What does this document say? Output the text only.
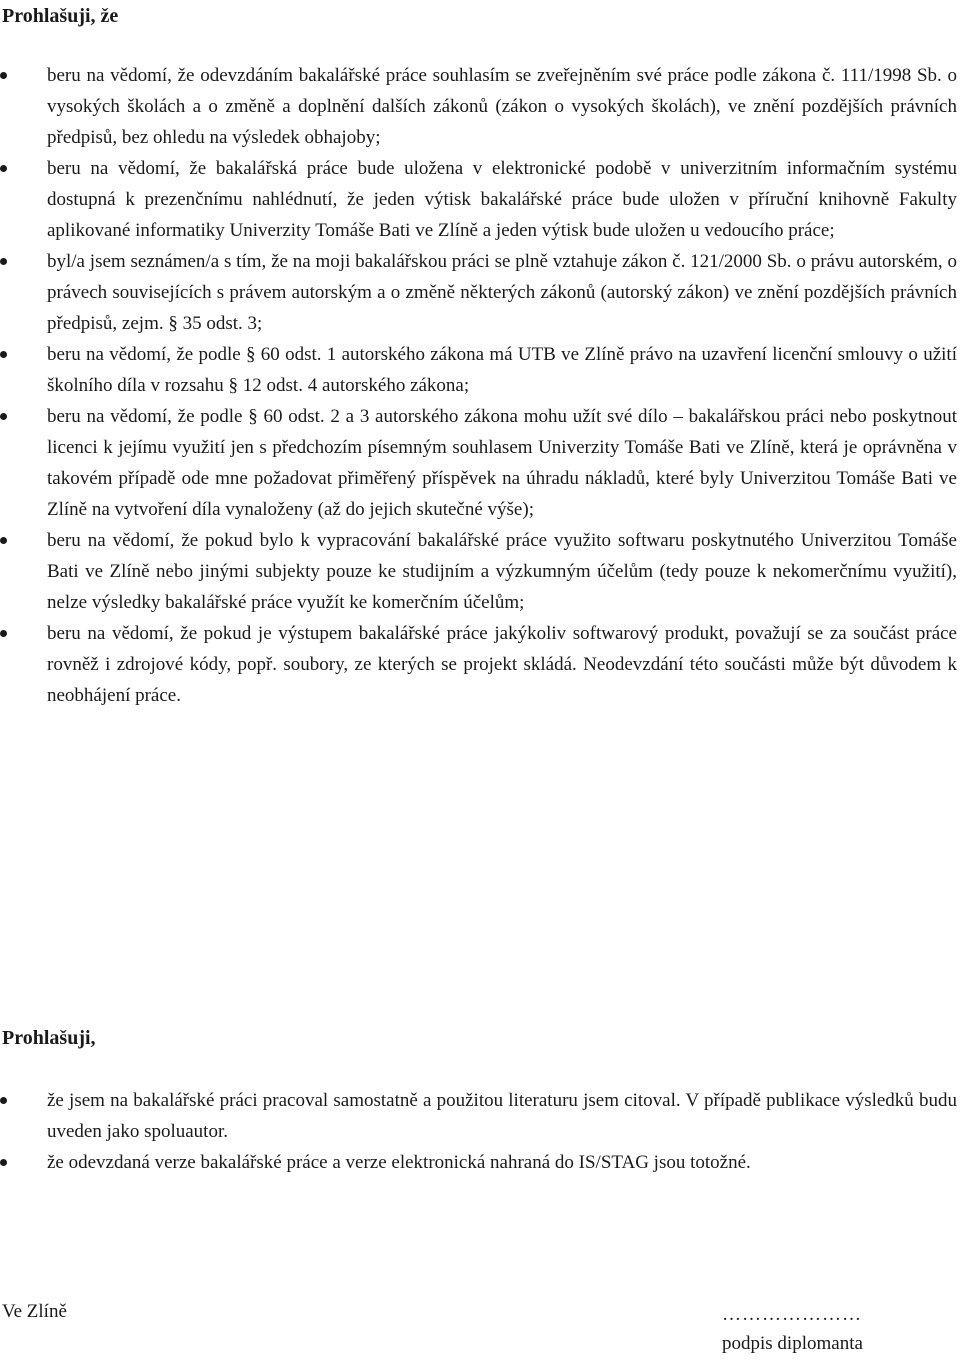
Prohlašuji, že
beru na vědomí, že odevzdáním bakalářské práce souhlasím se zveřejněním své práce podle zákona č. 111/1998 Sb. o vysokých školách a o změně a doplnění dalších zákonů (zákon o vysokých školách), ve znění pozdějších právních předpisů, bez ohledu na výsledek obhajoby;
beru na vědomí, že bakalářská práce bude uložena v elektronické podobě v univerzitním informačním systému dostupná k prezenčnímu nahlédnutí, že jeden výtisk bakalářské práce bude uložen v příruční knihovně Fakulty aplikované informatiky Univerzity Tomáše Bati ve Zlíně a jeden výtisk bude uložen u vedoucího práce;
byl/a jsem seznámen/a s tím, že na moji bakalářskou práci se plně vztahuje zákon č. 121/2000 Sb. o právu autorském, o právech souvisejících s právem autorským a o změně některých zákonů (autorský zákon) ve znění pozdějších právních předpisů, zejm. § 35 odst. 3;
beru na vědomí, že podle § 60 odst. 1 autorského zákona má UTB ve Zlíně právo na uzavření licenční smlouvy o užití školního díla v rozsahu § 12 odst. 4 autorského zákona;
beru na vědomí, že podle § 60 odst. 2 a 3 autorského zákona mohu užít své dílo – bakalářskou práci nebo poskytnout licenci k jejímu využití jen s předchozím písemným souhlasem Univerzity Tomáše Bati ve Zlíně, která je oprávněna v takovém případě ode mne požadovat přiměřený příspěvek na úhradu nákladů, které byly Univerzitou Tomáše Bati ve Zlíně na vytvoření díla vynaloženy (až do jejich skutečné výše);
beru na vědomí, že pokud bylo k vypracování bakalářské práce využito softwaru poskytnutého Univerzitou Tomáše Bati ve Zlíně nebo jinými subjekty pouze ke studijním a výzkumným účelům (tedy pouze k nekomerčnímu využití), nelze výsledky bakalářské práce využít ke komerčním účelům;
beru na vědomí, že pokud je výstupem bakalářské práce jakýkoliv softwarový produkt, považují se za součást práce rovněž i zdrojové kódy, popř. soubory, ze kterých se projekt skládá. Neodevzdání této součásti může být důvodem k neobhájení práce.
Prohlašuji,
že jsem na bakalářské práci pracoval samostatně a použitou literaturu jsem citoval. V případě publikace výsledků budu uveden jako spoluautor.
že odevzdaná verze bakalářské práce a verze elektronická nahraná do IS/STAG jsou totožné.
Ve Zlíně	…………………
podpis diplomanta
